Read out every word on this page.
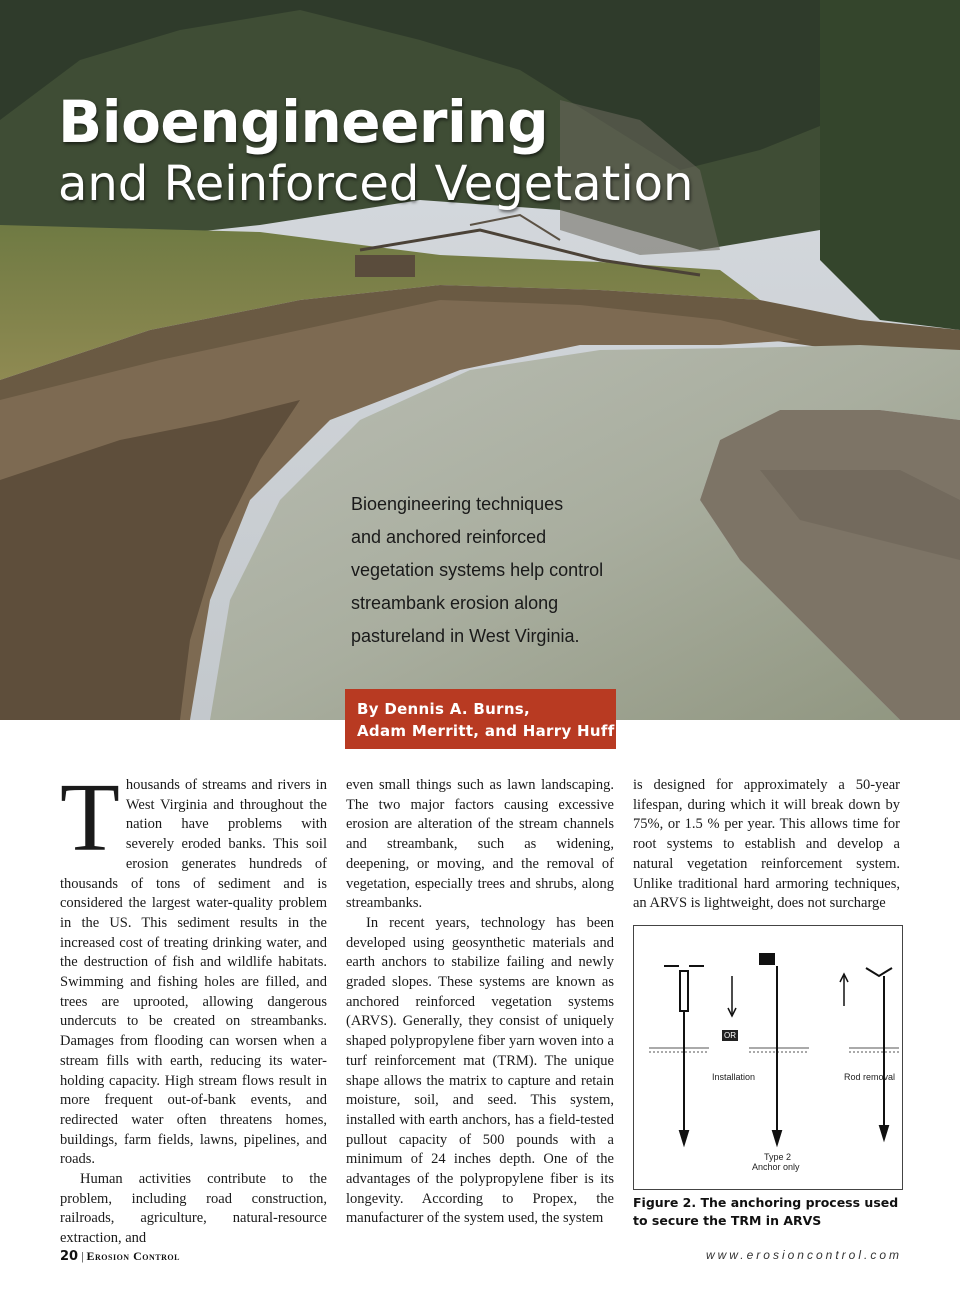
Bioengineering
and Reinforced Vegetation
Bioengineering techniques
and anchored reinforced
vegetation systems help control
streambank erosion along
pastureland in West Virginia.
By Dennis A. Burns,
Adam Merritt, and Harry Huff

Thousands of streams and rivers in West Virginia and throughout the nation have problems with severely eroded banks. This soil erosion generates hundreds of thousands of tons of sediment and is considered the largest water-quality problem in the US. This sediment results in the increased cost of treating drinking water, and the destruction of fish and wildlife habitats. Swimming and fishing holes are filled, and trees are uprooted, allowing dangerous undercuts to be created on streambanks. Damages from flooding can worsen when a stream fills with earth, reducing its water-holding capacity. High stream flows result in more frequent out-of-bank events, and redirected water often threatens homes, buildings, farm fields, lawns, pipelines, and roads.

Human activities contribute to the problem, including road construction, railroads, agriculture, natural-resource extraction, and

even small things such as lawn landscaping. The two major factors causing excessive erosion are alteration of the stream channels and streambank, such as widening, deepening, or moving, and the removal of vegetation, especially trees and shrubs, along streambanks.

In recent years, technology has been developed using geosynthetic materials and earth anchors to stabilize failing and newly graded slopes. These systems are known as anchored reinforced vegetation systems (ARVS). Generally, they consist of uniquely shaped polypropylene fiber yarn woven into a turf reinforcement mat (TRM). The unique shape allows the matrix to capture and retain moisture, soil, and seed. This system, installed with earth anchors, has a field-tested pullout capacity of 500 pounds with a minimum of 24 inches depth. One of the advantages of the polypropylene fiber is its longevity. According to Propex, the manufacturer of the system used, the system

is designed for approximately a 50-year lifespan, during which it will break down by 75%, or 1.5 % per year. This allows time for root systems to establish and develop a natural vegetation reinforcement system. Unlike traditional hard armoring techniques, an ARVS is lightweight, does not surcharge

OR
Installation	Rod removal
Type 2
Anchor only
Figure 2. The anchoring process used
to secure the TRM in ARVS
20 | Erosion Control	www.erosioncontrol.com
